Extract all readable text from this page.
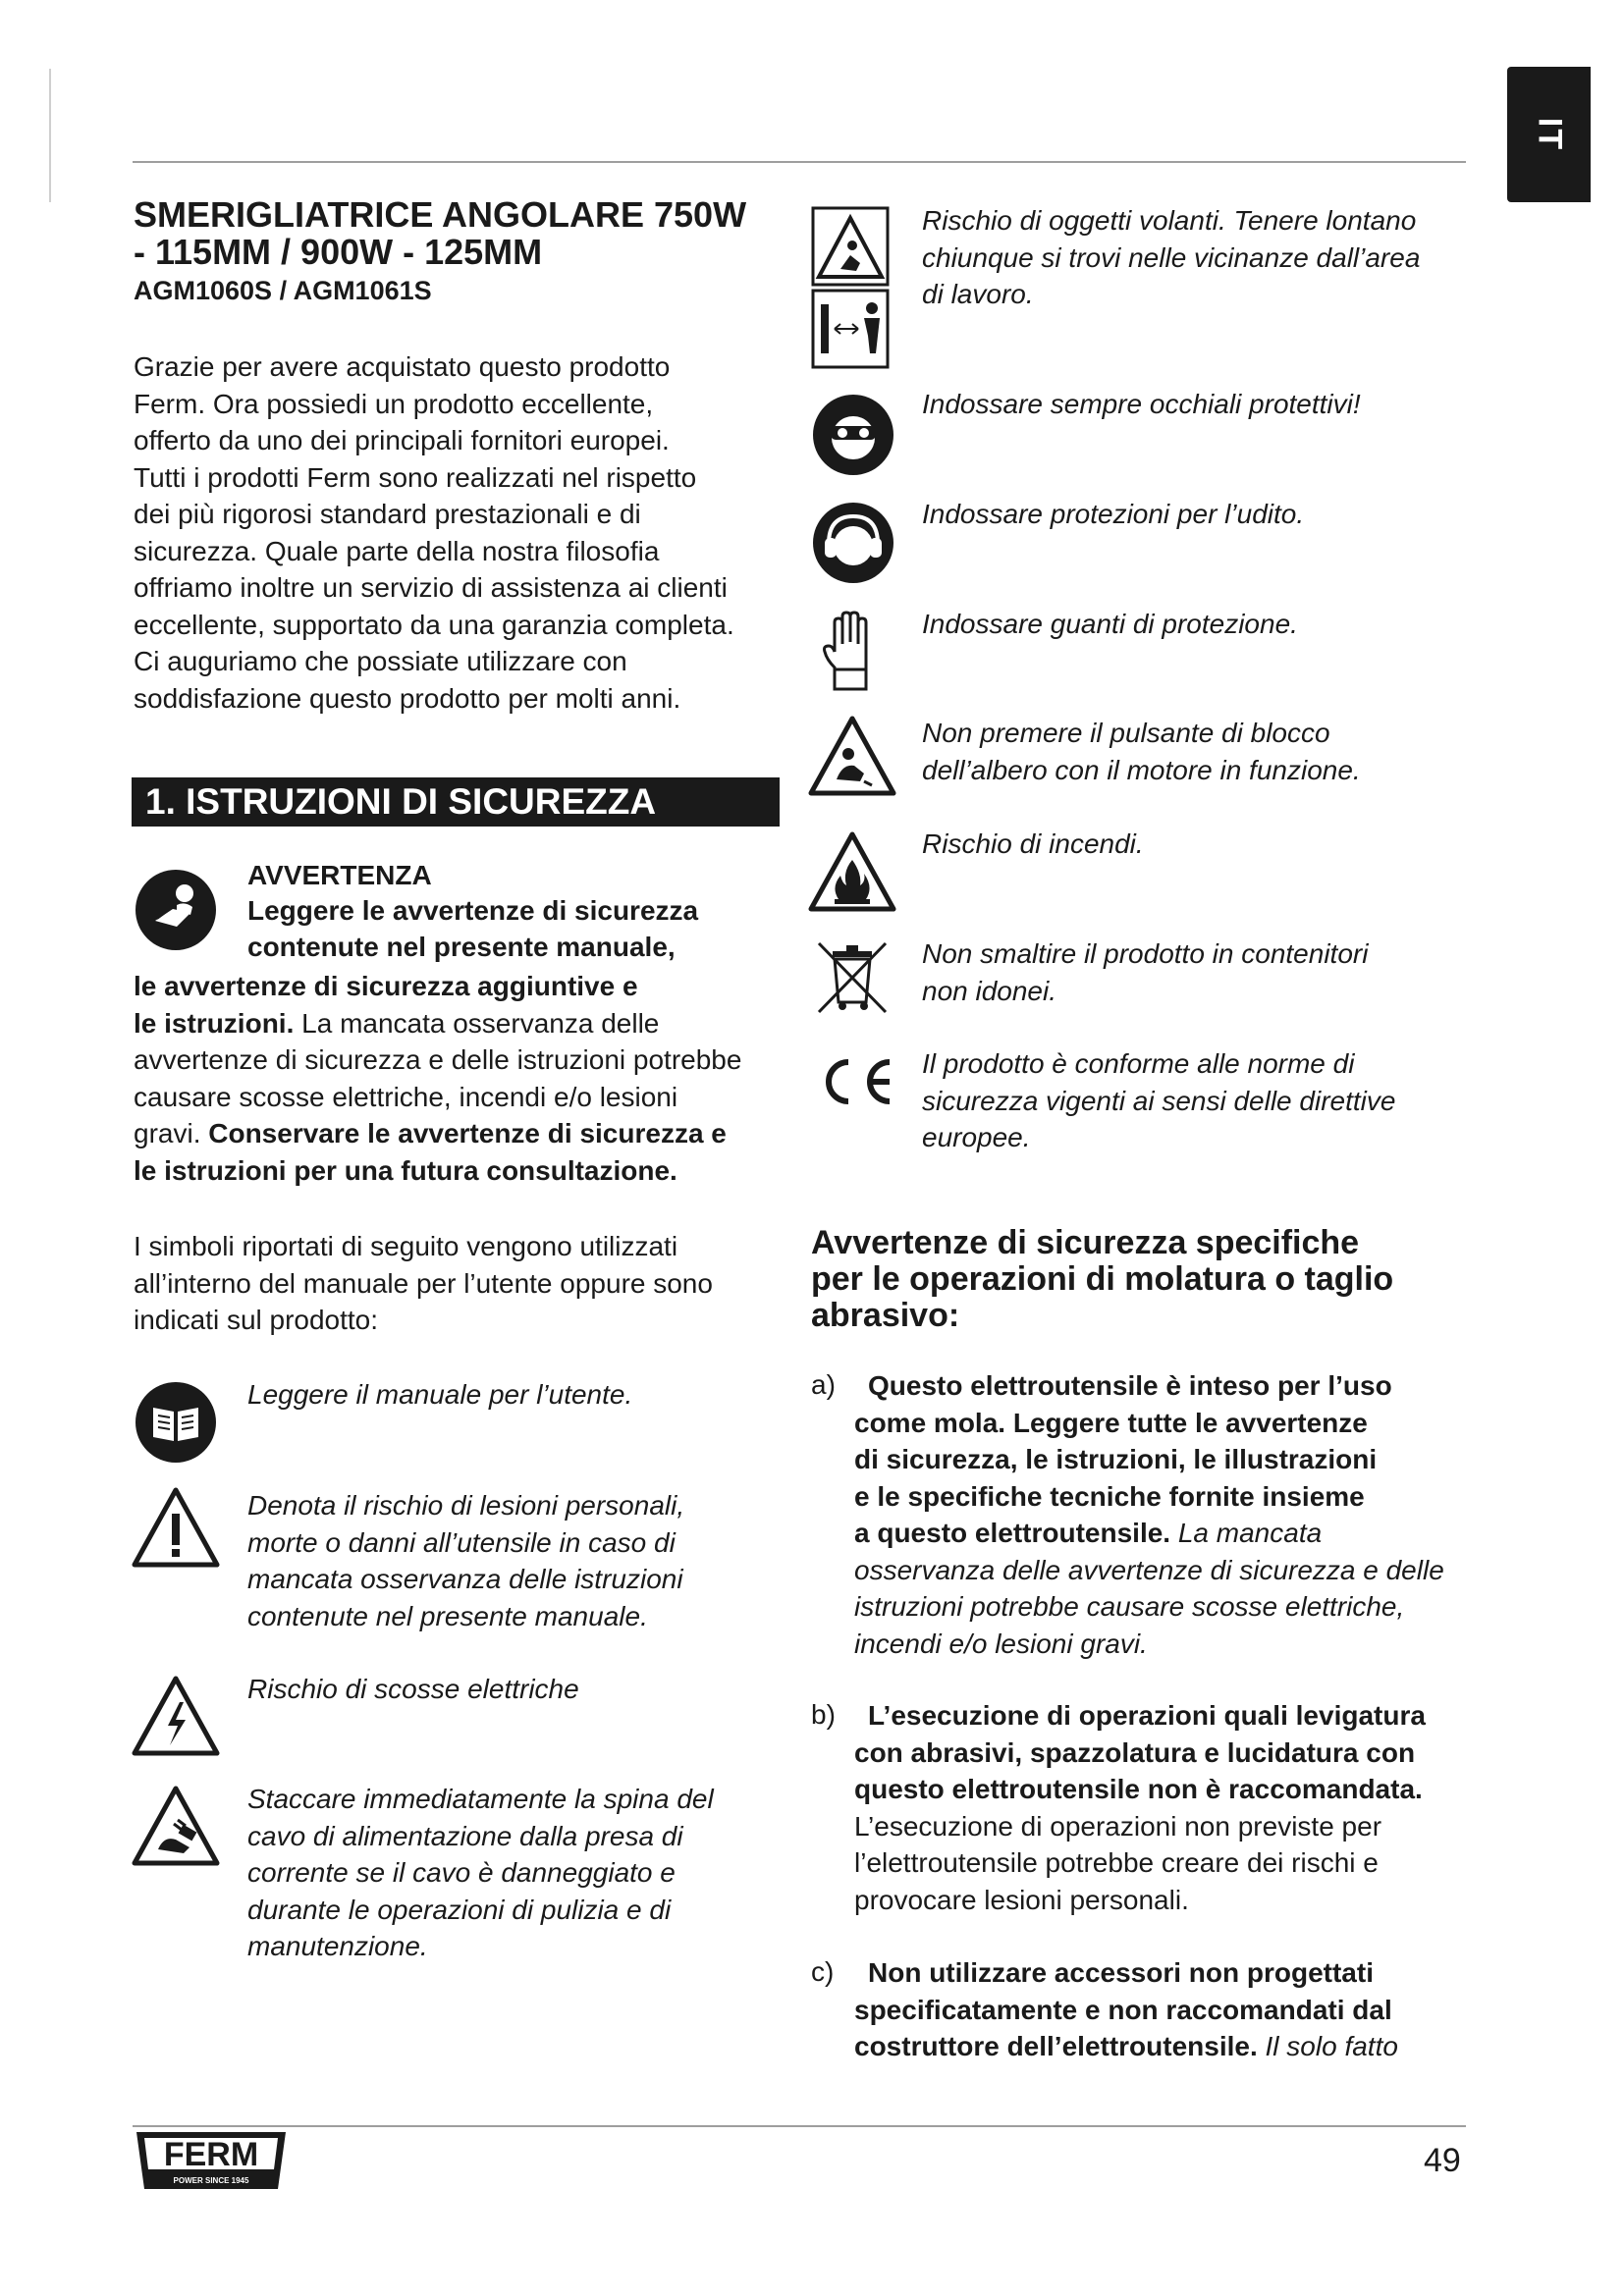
IT
SMERIGLIATRICE ANGOLARE 750W
- 115MM / 900W - 125MM
AGM1060S / AGM1061S
Grazie per avere acquistato questo prodotto
Ferm. Ora possiedi un prodotto eccellente,
offerto da uno dei principali fornitori europei.
Tutti i prodotti Ferm sono realizzati nel rispetto
dei più rigorosi standard prestazionali e di
sicurezza. Quale parte della nostra filosofia
offriamo inoltre un servizio di assistenza ai clienti
eccellente, supportato da una garanzia completa.
Ci auguriamo che possiate utilizzare con
soddisfazione questo prodotto per molti anni.
1. ISTRUZIONI DI SICUREZZA
AVVERTENZA
Leggere le avvertenze di sicurezza
contenute nel presente manuale,
le avvertenze di sicurezza aggiuntive e
le istruzioni. La mancata osservanza delle
avvertenze di sicurezza e delle istruzioni potrebbe
causare scosse elettriche, incendi e/o lesioni
gravi. Conservare le avvertenze di sicurezza e
le istruzioni per una futura consultazione.
I simboli riportati di seguito vengono utilizzati
all’interno del manuale per l’utente oppure sono
indicati sul prodotto:
Leggere il manuale per l’utente.
Denota il rischio di lesioni personali,
morte o danni all’utensile in caso di
mancata osservanza delle istruzioni
contenute nel presente manuale.
Rischio di scosse elettriche
Staccare immediatamente la spina del
cavo di alimentazione dalla presa di
corrente se il cavo è danneggiato e
durante le operazioni di pulizia e di
manutenzione.
Rischio di oggetti volanti. Tenere lontano
chiunque si trovi nelle vicinanze dall’area
di lavoro.
Indossare sempre occhiali protettivi!
Indossare protezioni per l’udito.
Indossare guanti di protezione.
Non premere il pulsante di blocco
dell’albero con il motore in funzione.
Rischio di incendi.
Non smaltire il prodotto in contenitori
non idonei.
Il prodotto è conforme alle norme di
sicurezza vigenti ai sensi delle direttive
europee.
Avvertenze di sicurezza specifiche
per le operazioni di molatura o taglio
abrasivo:
a) Questo elettroutensile è inteso per l’uso
come mola. Leggere tutte le avvertenze
di sicurezza, le istruzioni, le illustrazioni
e le specifiche tecniche fornite insieme
a questo elettroutensile. La mancata
osservanza delle avvertenze di sicurezza e delle
istruzioni potrebbe causare scosse elettriche,
incendi e/o lesioni gravi.
b) L’esecuzione di operazioni quali levigatura
con abrasivi, spazzolatura e lucidatura con
questo elettroutensile non è raccomandata.
L’esecuzione di operazioni non previste per
l’elettroutensile potrebbe creare dei rischi e
provocare lesioni personali.
c) Non utilizzare accessori non progettati
specificatamente e non raccomandati dal
costruttore dell’elettroutensile. Il solo fatto
FERM
POWER SINCE 1945
49
